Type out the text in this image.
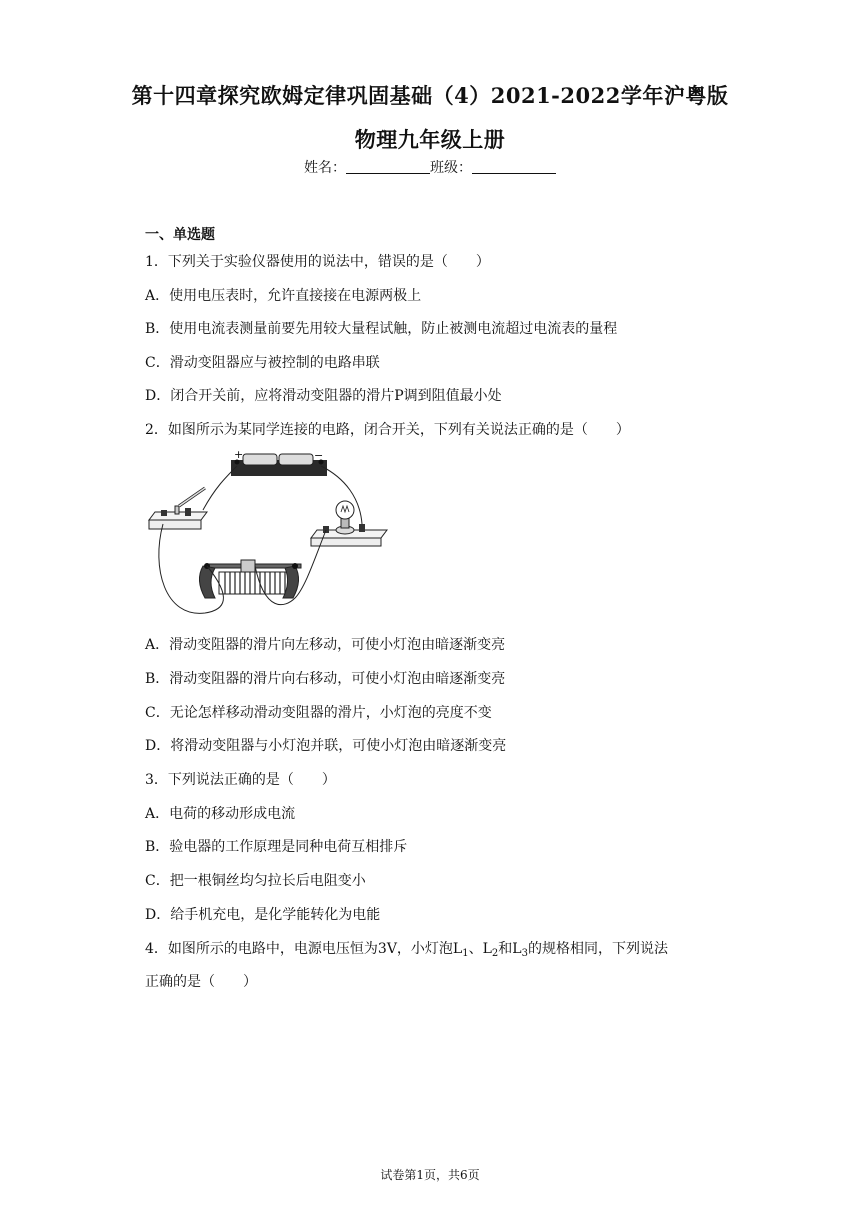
第十四章探究欧姆定律巩固基础（4）2021-2022学年沪粤版
物理九年级上册
姓名：	班级：
一、单选题
1．下列关于实验仪器使用的说法中，错误的是（　　）
A．使用电压表时，允许直接接在电源两极上
B．使用电流表测量前要先用较大量程试触，防止被测电流超过电流表的量程
C．滑动变阻器应与被控制的电路串联
D．闭合开关前，应将滑动变阻器的滑片P调到阻值最小处
2．如图所示为某同学连接的电路，闭合开关，下列有关说法正确的是（　　）
+	−
A．滑动变阻器的滑片向左移动，可使小灯泡由暗逐渐变亮
B．滑动变阻器的滑片向右移动，可使小灯泡由暗逐渐变亮
C．无论怎样移动滑动变阻器的滑片，小灯泡的亮度不变
D．将滑动变阻器与小灯泡并联，可使小灯泡由暗逐渐变亮
3．下列说法正确的是（　　）
A．电荷的移动形成电流
B．验电器的工作原理是同种电荷互相排斥
C．把一根铜丝均匀拉长后电阻变小
D．给手机充电，是化学能转化为电能
4．如图所示的电路中，电源电压恒为3V，小灯泡$L_1$、$L_2$和$L_3$的规格相同，下列说法
正确的是（　　）
试卷第1页，共6页
